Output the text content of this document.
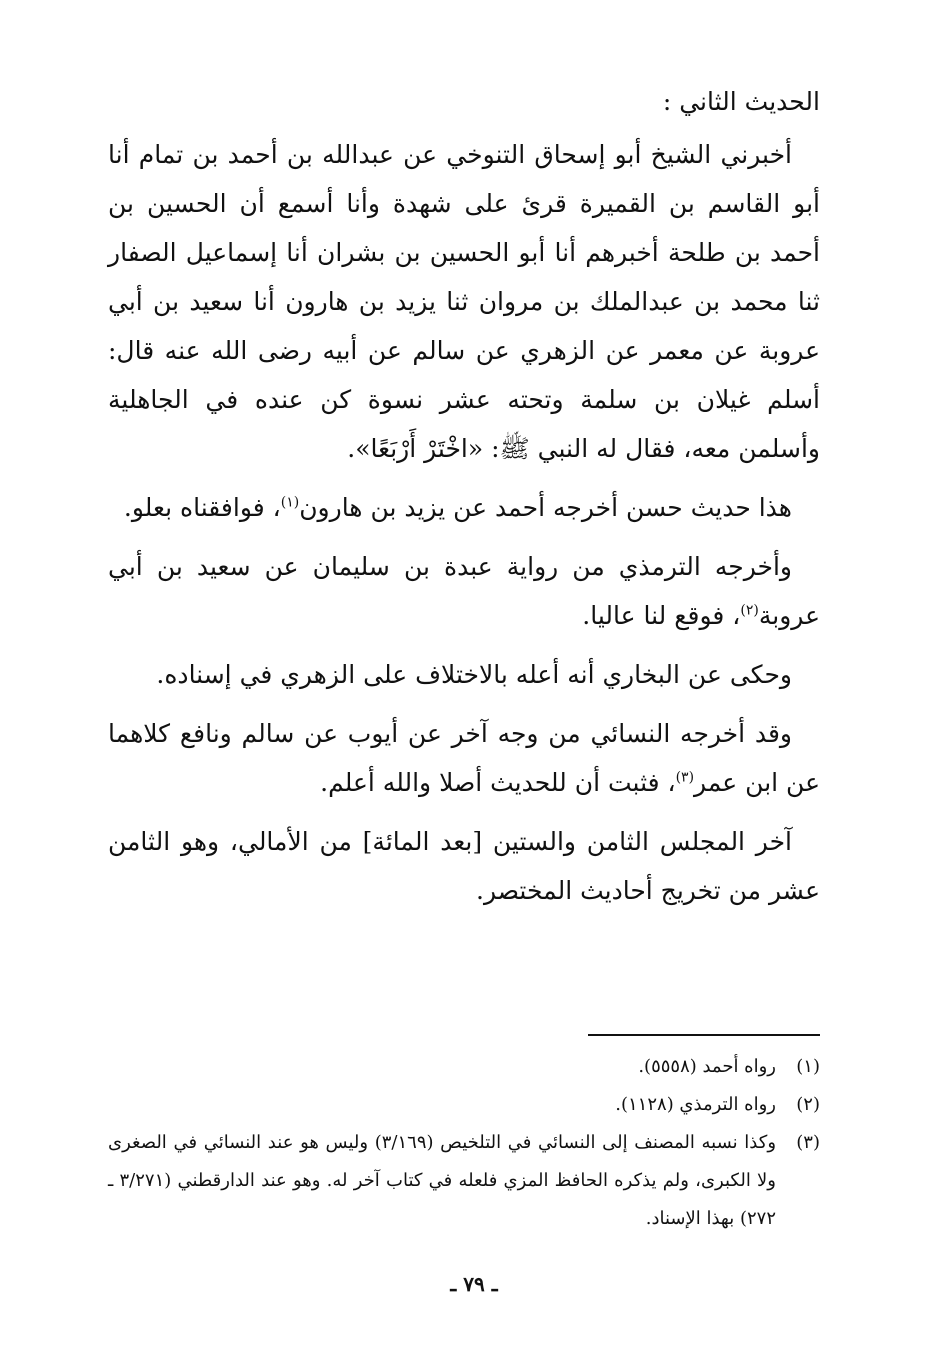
الحديث الثاني :

أخبرني الشيخ أبو إسحاق التنوخي عن عبدالله بن أحمد بن تمام أنا أبو القاسم بن القميرة قرئ على شهدة وأنا أسمع أن الحسين بن أحمد بن طلحة أخبرهم أنا أبو الحسين بن بشران أنا إسماعيل الصفار ثنا محمد بن عبدالملك بن مروان ثنا يزيد بن هارون أنا سعيد بن أبي عروبة عن معمر عن الزهري عن سالم عن أبيه رضى الله عنه قال: أسلم غيلان بن سلمة وتحته عشر نسوة كن عنده في الجاهلية وأسلمن معه، فقال له النبي ﷺ: «اخْتَرْ أَرْبَعًا».

هذا حديث حسن أخرجه أحمد عن يزيد بن هارون$^{(١)}$، فوافقناه بعلو.

وأخرجه الترمذي من رواية عبدة بن سليمان عن سعيد بن أبي عروبة$^{(٢)}$، فوقع لنا عاليا.

وحكى عن البخاري أنه أعله بالاختلاف على الزهري في إسناده.

وقد أخرجه النسائي من وجه آخر عن أيوب عن سالم ونافع كلاهما عن ابن عمر$^{(٣)}$، فثبت أن للحديث أصلا والله أعلم.

آخر المجلس الثامن والستين [بعد المائة] من الأمالي، وهو الثامن عشر من تخريج أحاديث المختصر.

(١)
رواه أحمد (٥٥٥٨).
(٢)
رواه الترمذي (١١٢٨).
(٣)
وكذا نسبه المصنف إلى النسائي في التلخيص (٣/١٦٩) وليس هو عند النسائي في الصغرى ولا الكبرى، ولم يذكره الحافظ المزي فلعله في كتاب آخر له. وهو عند الدارقطني (٣/٢٧١ ـ ٢٧٢) بهذا الإسناد.
ـ ٧٩ ـ
